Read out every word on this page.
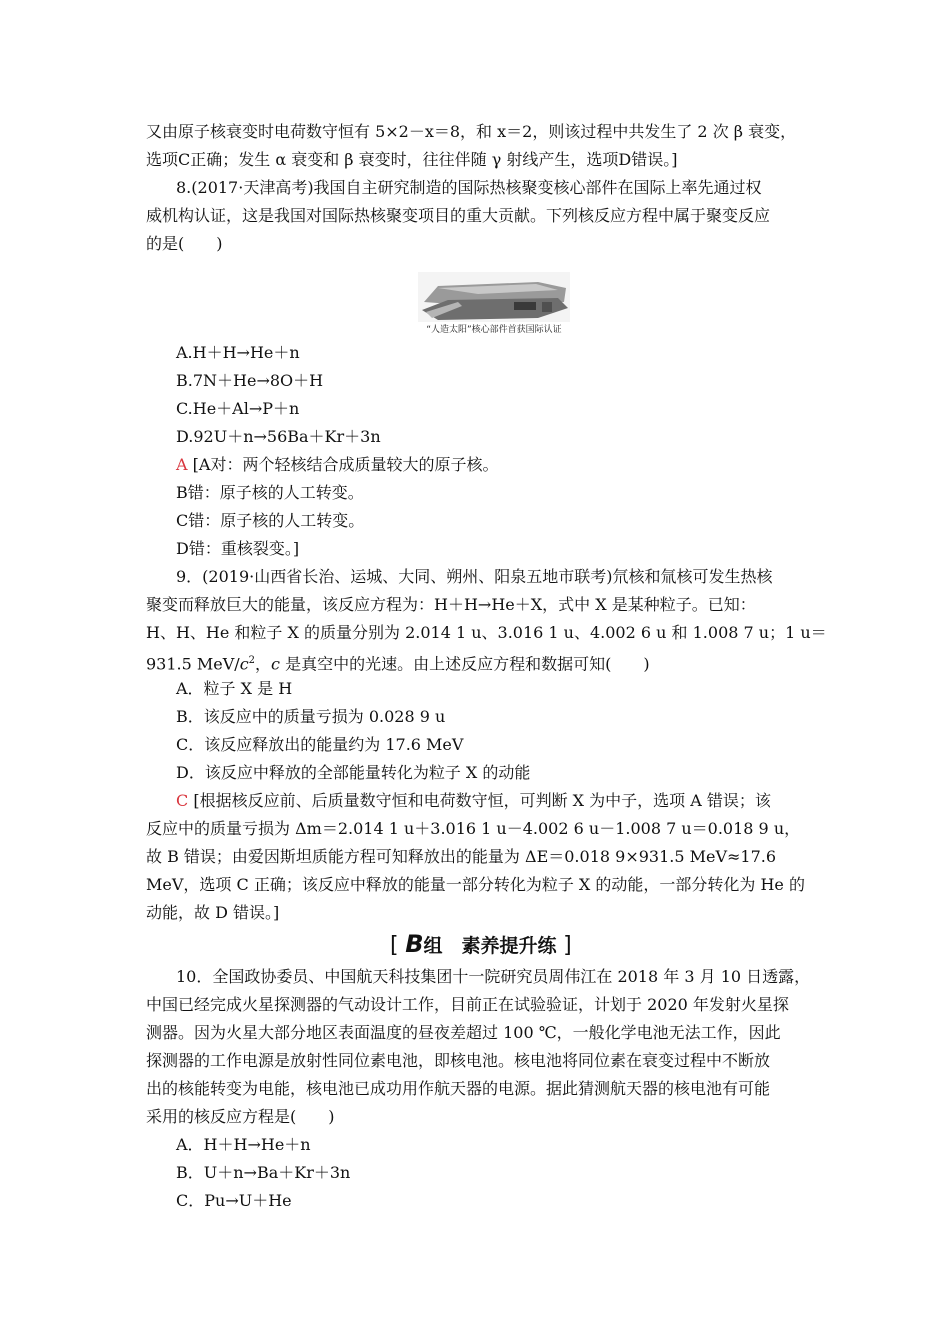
又由原子核衰变时电荷数守恒有 5×2－x＝8，和 x＝2，则该过程中共发生了 2 次 β 衰变，
选项C正确；发生 α 衰变和 β 衰变时，往往伴随 γ 射线产生，选项D错误。]
8.(2017·天津高考)我国自主研究制造的国际热核聚变核心部件在国际上率先通过权
威机构认证，这是我国对国际热核聚变项目的重大贡献。下列核反应方程中属于聚变反应
的是(　　)
“人造太阳”核心部件首获国际认证
A.H＋H→He＋n
B.7N＋He→8O＋H
C.He＋Al→P＋n
D.92U＋n→56Ba＋Kr＋3n
A [A对：两个轻核结合成质量较大的原子核。
B错：原子核的人工转变。
C错：原子核的人工转变。
D错：重核裂变。]
9．(2019·山西省长治、运城、大同、朔州、阳泉五地市联考)氘核和氚核可发生热核
聚变而释放巨大的能量，该反应方程为：H＋H→He＋X，式中 X 是某种粒子。已知：
H、H、He 和粒子 X 的质量分别为 2.014 1 u、3.016 1 u、4.002 6 u 和 1.008 7 u；1 u＝
931.5 MeV/$c^2$，c 是真空中的光速。由上述反应方程和数据可知(　　)
A．粒子 X 是 H
B．该反应中的质量亏损为 0.028 9 u
C．该反应释放出的能量约为 17.6 MeV
D．该反应中释放的全部能量转化为粒子 X 的动能
C [根据核反应前、后质量数守恒和电荷数守恒，可判断 X 为中子，选项 A 错误；该
反应中的质量亏损为 Δm＝2.014 1 u＋3.016 1 u－4.002 6 u－1.008 7 u＝0.018 9 u，
故 B 错误；由爱因斯坦质能方程可知释放出的能量为 ΔE＝0.018 9×931.5 MeV≈17.6
MeV，选项 C 正确；该反应中释放的能量一部分转化为粒子 X 的动能，一部分转化为 He 的
动能，故 D 错误。]
[ B组　素养提升练 ]
10．全国政协委员、中国航天科技集团十一院研究员周伟江在 2018 年 3 月 10 日透露，
中国已经完成火星探测器的气动设计工作，目前正在试验验证，计划于 2020 年发射火星探
测器。因为火星大部分地区表面温度的昼夜差超过 100 ℃，一般化学电池无法工作，因此
探测器的工作电源是放射性同位素电池，即核电池。核电池将同位素在衰变过程中不断放
出的核能转变为电能，核电池已成功用作航天器的电源。据此猜测航天器的核电池有可能
采用的核反应方程是(　　)
A．H＋H→He＋n
B．U＋n→Ba＋Kr＋3n
C．Pu→U＋He
